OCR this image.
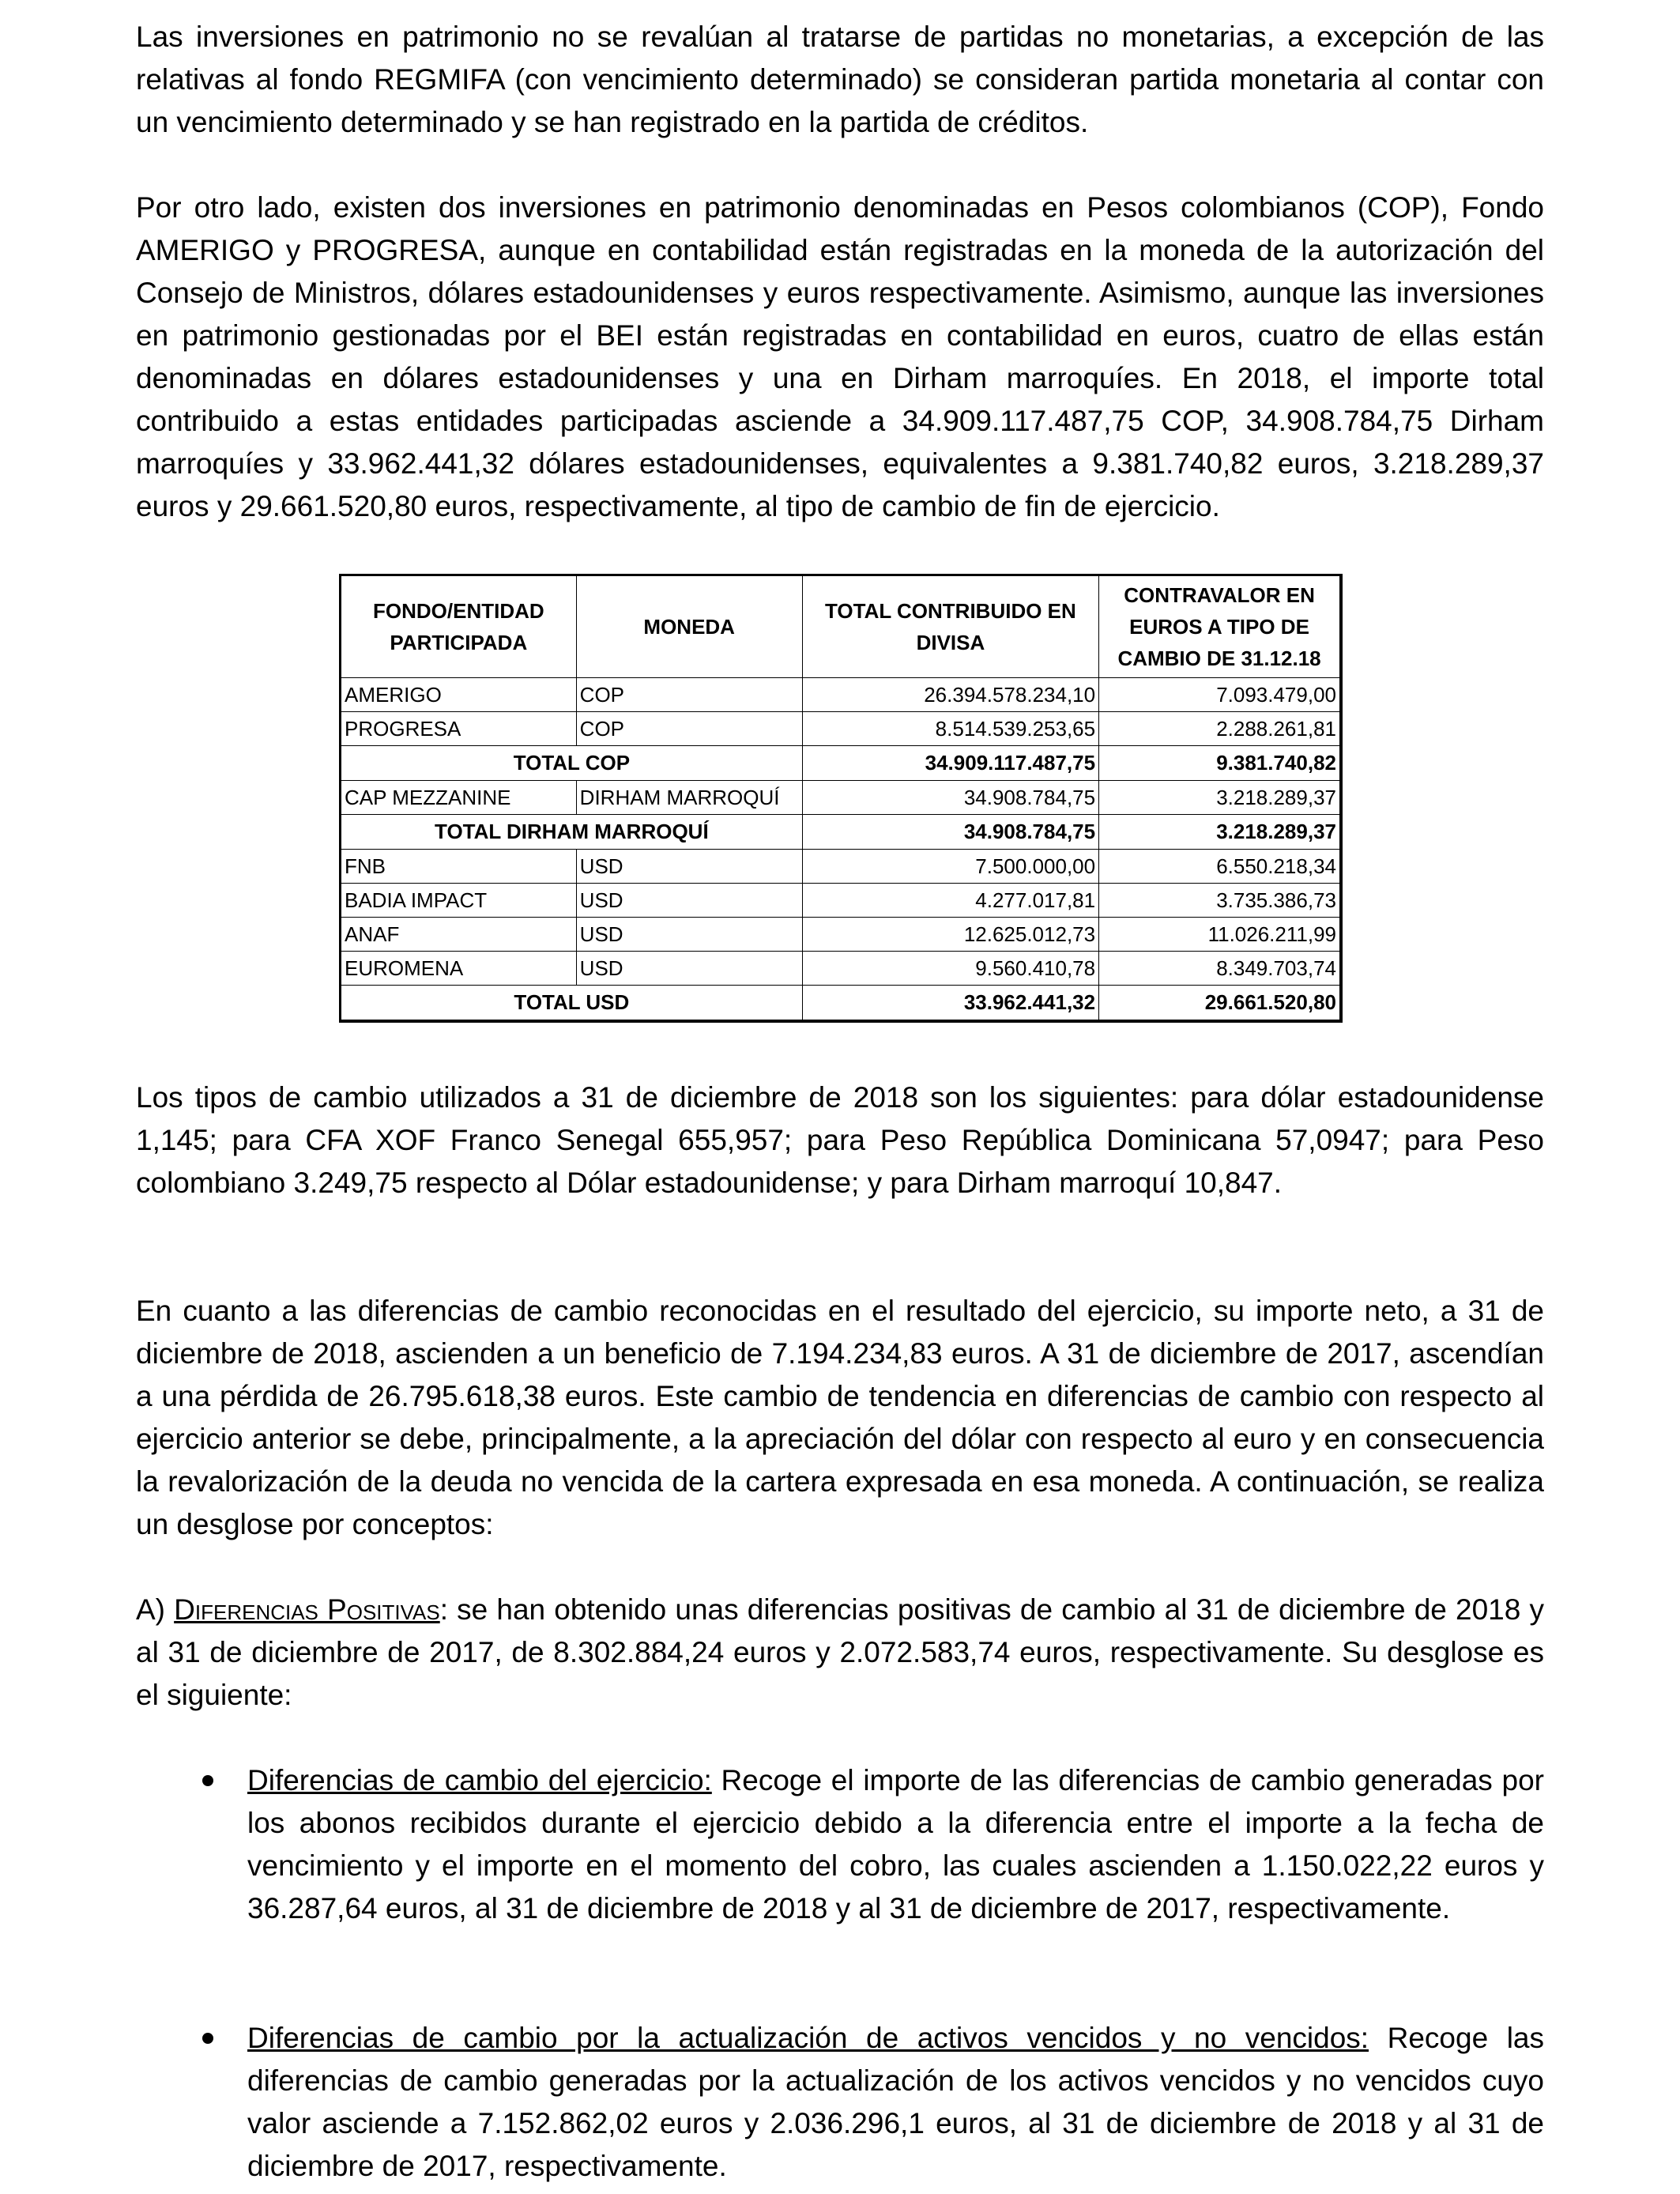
Las inversiones en patrimonio no se revalúan al tratarse de partidas no monetarias, a excepción de las relativas al fondo REGMIFA (con vencimiento determinado) se consideran partida monetaria al contar con un vencimiento determinado y se han registrado en la partida de créditos.

Por otro lado, existen dos inversiones en patrimonio denominadas en Pesos colombianos (COP), Fondo AMERIGO y PROGRESA, aunque en contabilidad están registradas en la moneda de la autorización del Consejo de Ministros, dólares estadounidenses y euros respectivamente. Asimismo, aunque las inversiones en patrimonio gestionadas por el BEI están registradas en contabilidad en euros, cuatro de ellas están denominadas en dólares estadounidenses y una en Dirham marroquíes. En 2018, el importe total contribuido a estas entidades participadas asciende a 34.909.117.487,75 COP, 34.908.784,75 Dirham marroquíes y 33.962.441,32 dólares estadounidenses, equivalentes a 9.381.740,82 euros, 3.218.289,37 euros y 29.661.520,80 euros, respectivamente, al tipo de cambio de fin de ejercicio.

FONDO/ENTIDAD PARTICIPADA	MONEDA	TOTAL CONTRIBUIDO EN DIVISA	CONTRAVALOR EN EUROS A TIPO DE CAMBIO DE 31.12.18
AMERIGO	COP	26.394.578.234,10	7.093.479,00
PROGRESA	COP	8.514.539.253,65	2.288.261,81
TOTAL COP		34.909.117.487,75	9.381.740,82
CAP MEZZANINE	DIRHAM MARROQUÍ	34.908.784,75	3.218.289,37
TOTAL DIRHAM MARROQUÍ		34.908.784,75	3.218.289,37
FNB	USD	7.500.000,00	6.550.218,34
BADIA IMPACT	USD	4.277.017,81	3.735.386,73
ANAF	USD	12.625.012,73	11.026.211,99
EUROMENA	USD	9.560.410,78	8.349.703,74
TOTAL USD		33.962.441,32	29.661.520,80

Los tipos de cambio utilizados a 31 de diciembre de 2018 son los siguientes: para dólar estadounidense 1,145; para CFA XOF Franco Senegal 655,957; para Peso República Dominicana 57,0947; para Peso colombiano 3.249,75 respecto al Dólar estadounidense; y para Dirham marroquí 10,847.

En cuanto a las diferencias de cambio reconocidas en el resultado del ejercicio, su importe neto, a 31 de diciembre de 2018, ascienden a un beneficio de 7.194.234,83 euros. A 31 de diciembre de 2017, ascendían a una pérdida de 26.795.618,38 euros. Este cambio de tendencia en diferencias de cambio con respecto al ejercicio anterior se debe, principalmente, a la apreciación del dólar con respecto al euro y en consecuencia la revalorización de la deuda no vencida de la cartera expresada en esa moneda. A continuación, se realiza un desglose por conceptos:

A) Diferencias Positivas: se han obtenido unas diferencias positivas de cambio al 31 de diciembre de 2018 y al 31 de diciembre de 2017, de 8.302.884,24 euros y 2.072.583,74 euros, respectivamente. Su desglose es el siguiente:

Diferencias de cambio del ejercicio: Recoge el importe de las diferencias de cambio generadas por los abonos recibidos durante el ejercicio debido a la diferencia entre el importe a la fecha de vencimiento y el importe en el momento del cobro, las cuales ascienden a 1.150.022,22 euros y 36.287,64 euros, al 31 de diciembre de 2018 y al 31 de diciembre de 2017, respectivamente.
Diferencias de cambio por la actualización de activos vencidos y no vencidos: Recoge las diferencias de cambio generadas por la actualización de los activos vencidos y no vencidos cuyo valor asciende a 7.152.862,02 euros y 2.036.296,1 euros, al 31 de diciembre de 2018 y al 31 de diciembre de 2017, respectivamente.
